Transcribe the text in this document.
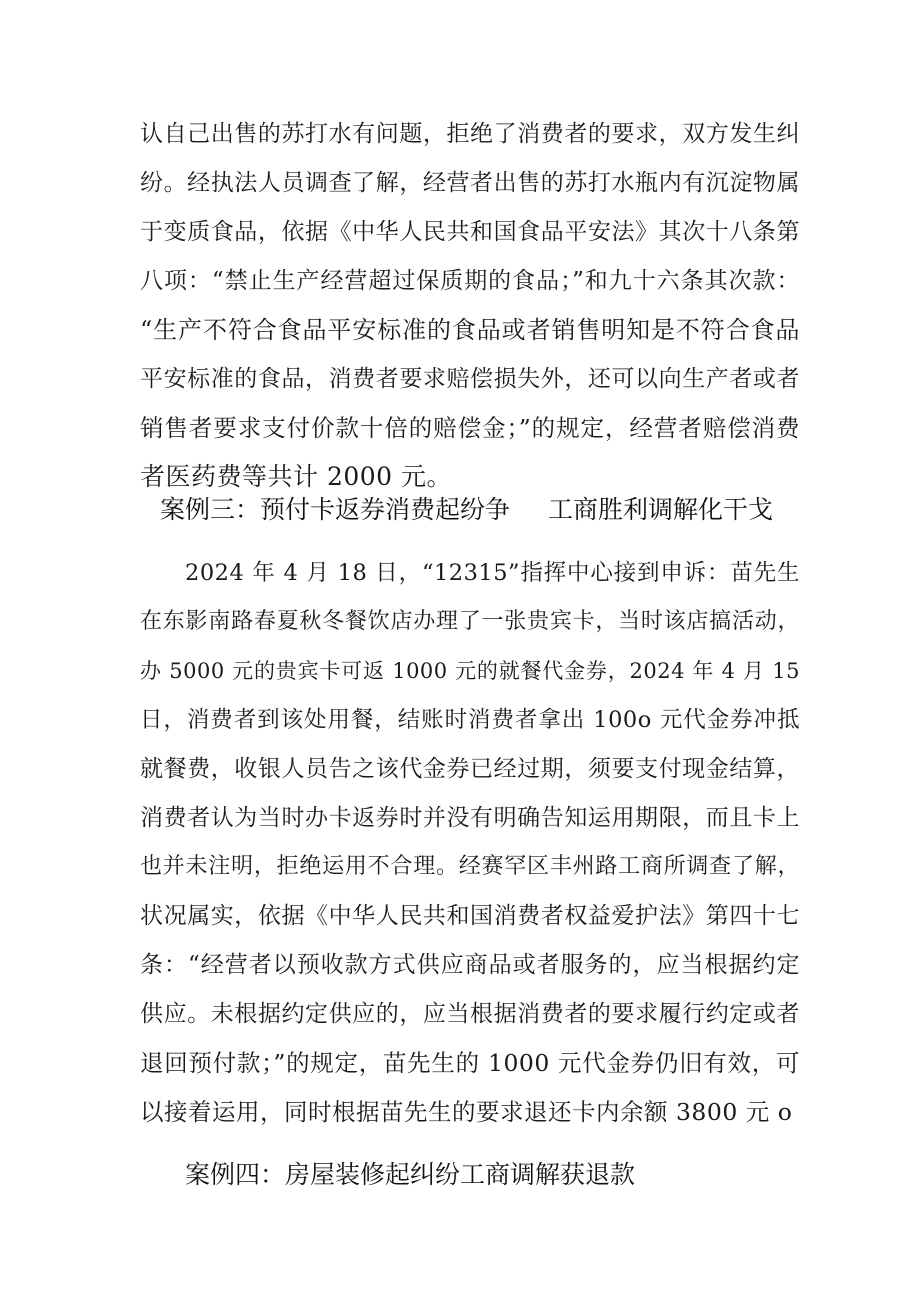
认自己出售的苏打水有问题，拒绝了消费者的要求，双方发生纠
纷。经执法人员调查了解，经营者出售的苏打水瓶内有沉淀物属
于变质食品，依据《中华人民共和国食品平安法》其次十八条第
八项：“禁止生产经营超过保质期的食品；”和九十六条其次款：
“生产不符合食品平安标准的食品或者销售明知是不符合食品
平安标准的食品，消费者要求赔偿损失外，还可以向生产者或者
销售者要求支付价款十倍的赔偿金；”的规定，经营者赔偿消费
者医药费等共计 2000 元。
案例三：预付卡返券消费起纷争 工商胜利调解化干戈
2024 年 4 月 18 日，“12315”指挥中心接到申诉：苗先生
在东影南路春夏秋冬餐饮店办理了一张贵宾卡，当时该店搞活动，
办 5000 元的贵宾卡可返 1000 元的就餐代金券，2024 年 4 月 15
日，消费者到该处用餐，结账时消费者拿出 100o 元代金券冲抵
就餐费，收银人员告之该代金券已经过期，须要支付现金结算，
消费者认为当时办卡返券时并没有明确告知运用期限，而且卡上
也并未注明，拒绝运用不合理。经赛罕区丰州路工商所调查了解，
状况属实，依据《中华人民共和国消费者权益爱护法》第四十七
条：“经营者以预收款方式供应商品或者服务的，应当根据约定
供应。未根据约定供应的，应当根据消费者的要求履行约定或者
退回预付款；”的规定，苗先生的 1000 元代金券仍旧有效，可
以接着运用，同时根据苗先生的要求退还卡内余额 3800 元 o
案例四：房屋装修起纠纷工商调解获退款
